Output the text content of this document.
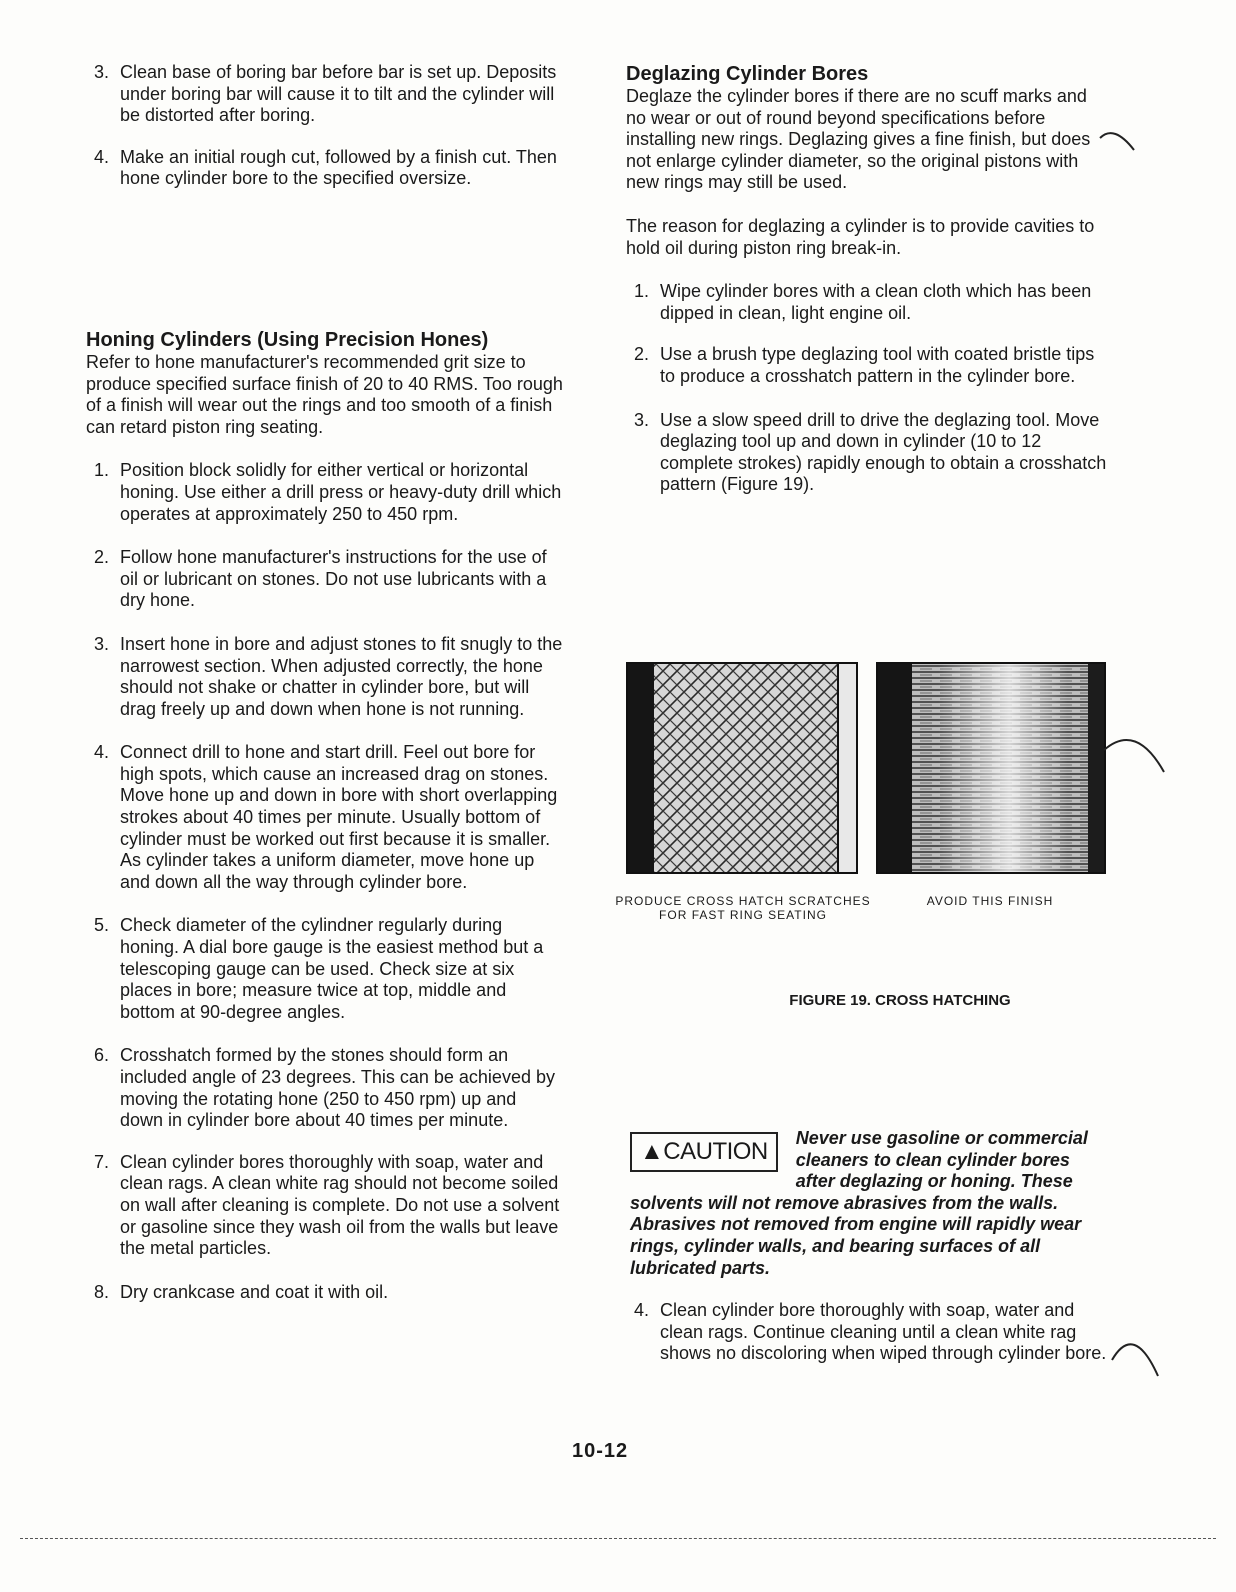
3. Clean base of boring bar before bar is set up. Deposits under boring bar will cause it to tilt and the cylinder will be distorted after boring.

4. Make an initial rough cut, followed by a finish cut. Then hone cylinder bore to the specified oversize.

Honing Cylinders (Using Precision Hones)

Refer to hone manufacturer's recommended grit size to produce specified surface finish of 20 to 40 RMS. Too rough of a finish will wear out the rings and too smooth of a finish can retard piston ring seating.

1. Position block solidly for either vertical or horizontal honing. Use either a drill press or heavy-duty drill which operates at approximately 250 to 450 rpm.

2. Follow hone manufacturer's instructions for the use of oil or lubricant on stones. Do not use lubricants with a dry hone.

3. Insert hone in bore and adjust stones to fit snugly to the narrowest section. When adjusted correctly, the hone should not shake or chatter in cylinder bore, but will drag freely up and down when hone is not running.

4. Connect drill to hone and start drill. Feel out bore for high spots, which cause an increased drag on stones. Move hone up and down in bore with short overlapping strokes about 40 times per minute. Usually bottom of cylinder must be worked out first because it is smaller. As cylinder takes a uniform diameter, move hone up and down all the way through cylinder bore.

5. Check diameter of the cylindner regularly during honing. A dial bore gauge is the easiest method but a telescoping gauge can be used. Check size at six places in bore; measure twice at top, middle and bottom at 90-degree angles.

6. Crosshatch formed by the stones should form an included angle of 23 degrees. This can be achieved by moving the rotating hone (250 to 450 rpm) up and down in cylinder bore about 40 times per minute.

7. Clean cylinder bores thoroughly with soap, water and clean rags. A clean white rag should not become soiled on wall after cleaning is complete. Do not use a solvent or gasoline since they wash oil from the walls but leave the metal particles.

8. Dry crankcase and coat it with oil.

Deglazing Cylinder Bores

Deglaze the cylinder bores if there are no scuff marks and no wear or out of round beyond specifications before installing new rings. Deglazing gives a fine finish, but does not enlarge cylinder diameter, so the original pistons with new rings may still be used.

The reason for deglazing a cylinder is to provide cavities to hold oil during piston ring break-in.

1. Wipe cylinder bores with a clean cloth which has been dipped in clean, light engine oil.

2. Use a brush type deglazing tool with coated bristle tips to produce a crosshatch pattern in the cylinder bore.

3. Use a slow speed drill to drive the deglazing tool. Move deglazing tool up and down in cylinder (10 to 12 complete strokes) rapidly enough to obtain a crosshatch pattern (Figure 19).

PRODUCE CROSS HATCH SCRATCHES FOR FAST RING SEATING
AVOID THIS FINISH
FIGURE 19. CROSS HATCHING
▲CAUTION	Never use gasoline or commercial cleaners to clean cylinder bores after deglazing or honing. These solvents will not remove abrasives from the walls. Abrasives not removed from engine will rapidly wear rings, cylinder walls, and bearing surfaces of all lubricated parts.
4. Clean cylinder bore thoroughly with soap, water and clean rags. Continue cleaning until a clean white rag shows no discoloring when wiped through cylinder bore.

10-12
